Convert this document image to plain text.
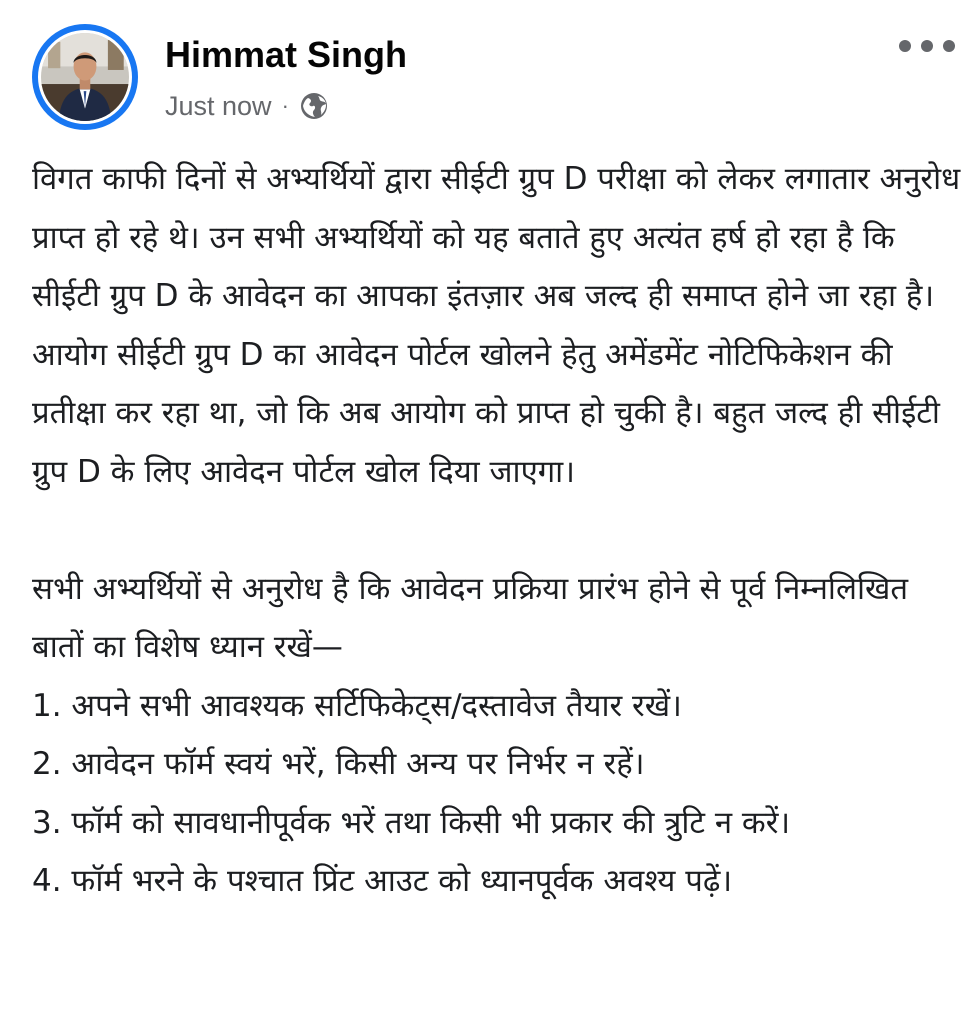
Himmat Singh
Just now ·

विगत काफी दिनों से अभ्यर्थियों द्वारा सीईटी ग्रुप D परीक्षा को लेकर लगातार अनुरोध प्राप्त हो रहे थे। उन सभी अभ्यर्थियों को यह बताते हुए अत्यंत हर्ष हो रहा है कि सीईटी ग्रुप D के आवेदन का आपका इंतज़ार अब जल्द ही समाप्त होने जा रहा है।

आयोग सीईटी ग्रुप D का आवेदन पोर्टल खोलने हेतु अमेंडमेंट नोटिफिकेशन की प्रतीक्षा कर रहा था, जो कि अब आयोग को प्राप्त हो चुकी है। बहुत जल्द ही सीईटी ग्रुप D के लिए आवेदन पोर्टल खोल दिया जाएगा।

सभी अभ्यर्थियों से अनुरोध है कि आवेदन प्रक्रिया प्रारंभ होने से पूर्व निम्नलिखित बातों का विशेष ध्यान रखें—

1. अपने सभी आवश्यक सर्टिफिकेट्स/दस्तावेज तैयार रखें।

2. आवेदन फॉर्म स्वयं भरें, किसी अन्य पर निर्भर न रहें।

3. फॉर्म को सावधानीपूर्वक भरें तथा किसी भी प्रकार की त्रुटि न करें।

4. फॉर्म भरने के पश्चात प्रिंट आउट को ध्यानपूर्वक अवश्य पढ़ें।
